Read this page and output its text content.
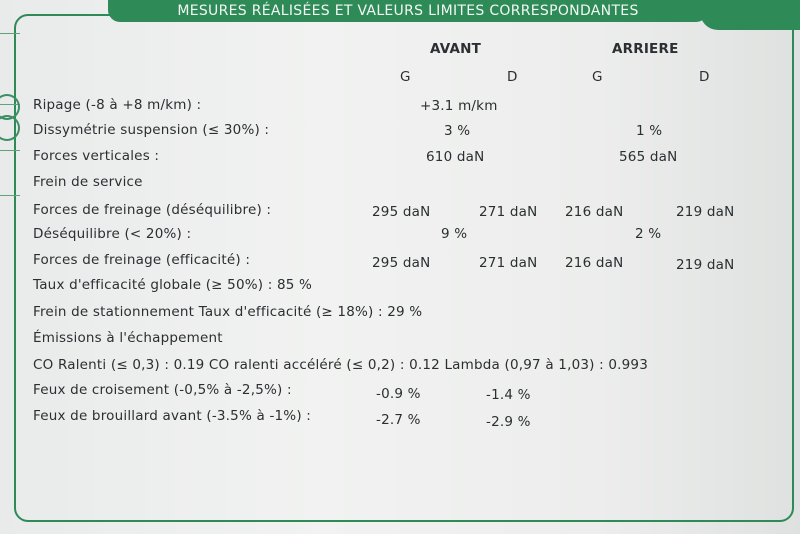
MESURES RÉALISÉES ET VALEURS LIMITES CORRESPONDANTES
AVANT	ARRIERE
G	D	G	D
Ripage (-8 à +8 m/km) :	+3.1 m/km
Dissymétrie suspension (≤ 30%) :	3 %	1 %
Forces verticales :	610 daN	565 daN
Frein de service
Forces de freinage (déséquilibre) :	295 daN	271 daN 216 daN	219 daN
Déséquilibre (< 20%) :	9 %	2 %
Forces de freinage (efficacité) :	295 daN	271 daN 216 daN	219 daN
Taux d'efficacité globale (≥ 50%) : 85 %
Frein de stationnement Taux d'efficacité (≥ 18%) : 29 %
Émissions à l'échappement
CO Ralenti (≤ 0,3) : 0.19 CO ralenti accéléré (≤ 0,2) : 0.12 Lambda (0,97 à 1,03) : 0.993
Feux de croisement (-0,5% à -2,5%) :	-0.9 %	-1.4 %
Feux de brouillard avant (-3.5% à -1%) :	-2.7 %	-2.9 %
